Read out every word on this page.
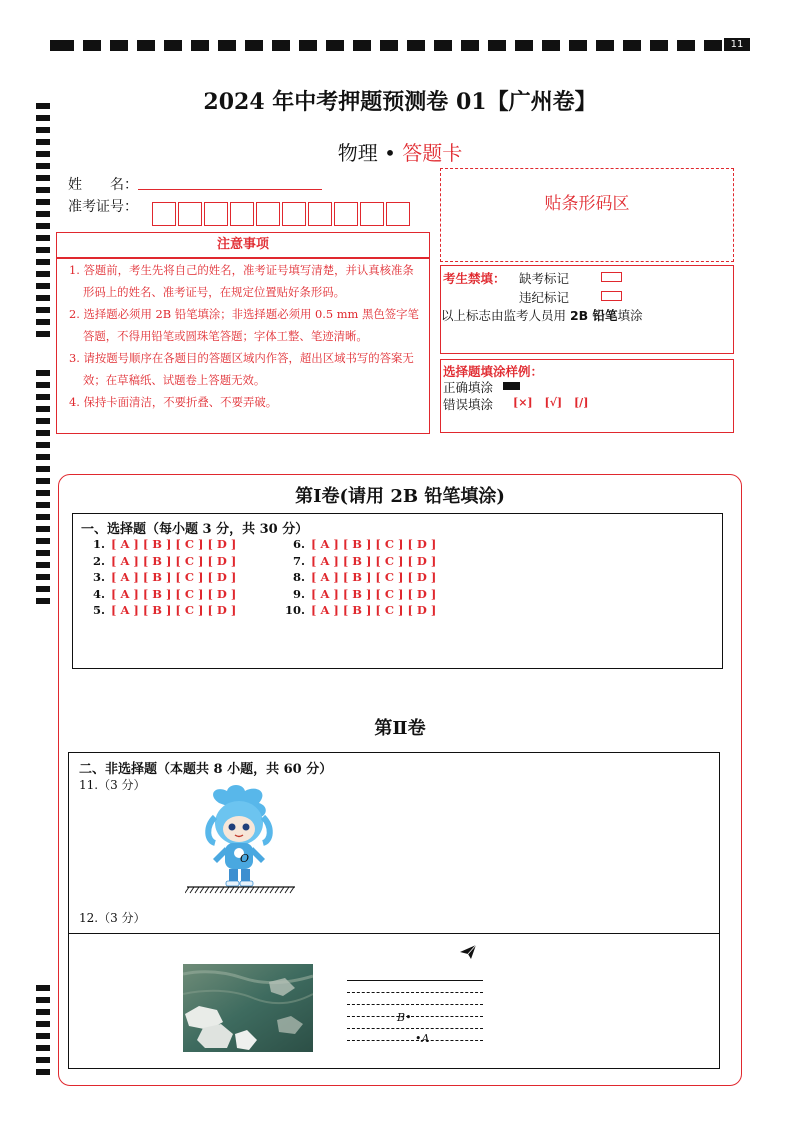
11
2024 年中考押题预测卷 01【广州卷】
物理 • 答题卡
姓　　名：
准考证号：
注意事项
1. 答题前，考生先将自己的姓名，准考证号填写清楚，并认真核准条形码上的姓名、准考证号，在规定位置贴好条形码。
2. 选择题必须用 2B 铅笔填涂；非选择题必须用 0.5 mm 黑色签字笔答题，不得用铅笔或圆珠笔答题；字体工整、笔迹清晰。
3. 请按题号顺序在各题目的答题区域内作答，超出区域书写的答案无效；在草稿纸、试题卷上答题无效。
4. 保持卡面清洁，不要折叠、不要弄破。
贴条形码区
考生禁填： 缺考标记
违纪标记
以上标志由监考人员用 2B 铅笔填涂
选择题填涂样例：
正确填涂
错误填涂 [×] [√] [/]
第Ⅰ卷(请用 2B 铅笔填涂)
一、选择题（每小题 3 分，共 30 分）
1. [ A ] [ B ] [ C ] [ D ]
2. [ A ] [ B ] [ C ] [ D ]
3. [ A ] [ B ] [ C ] [ D ]
4. [ A ] [ B ] [ C ] [ D ]
5. [ A ] [ B ] [ C ] [ D ]
6. [ A ] [ B ] [ C ] [ D ]
7. [ A ] [ B ] [ C ] [ D ]
8. [ A ] [ B ] [ C ] [ D ]
9. [ A ] [ B ] [ C ] [ D ]
10. [ A ] [ B ] [ C ] [ D ]
第Ⅱ卷
二、非选择题（本题共 8 小题，共 60 分）
11.（3 分）
O
12.（3 分）
B•
•A
